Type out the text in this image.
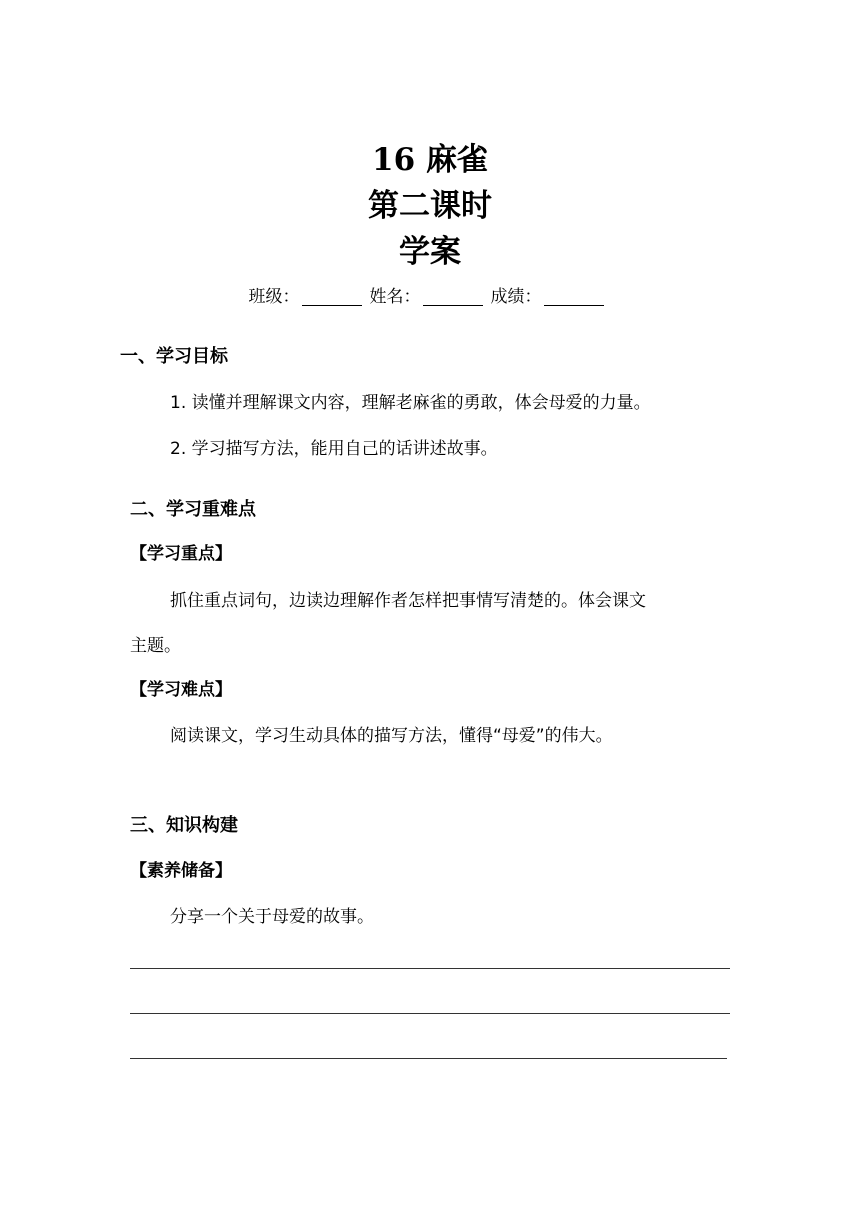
16 麻雀
第二课时
学案
班级：	姓名：	成绩：
一、学习目标
1. 读懂并理解课文内容，理解老麻雀的勇敢，体会母爱的力量。
2. 学习描写方法，能用自己的话讲述故事。
二、学习重难点
【学习重点】
抓住重点词句，边读边理解作者怎样把事情写清楚的。体会课文
主题。
【学习难点】
阅读课文，学习生动具体的描写方法，懂得“母爱”的伟大。
三、知识构建
【素养储备】
分享一个关于母爱的故事。
